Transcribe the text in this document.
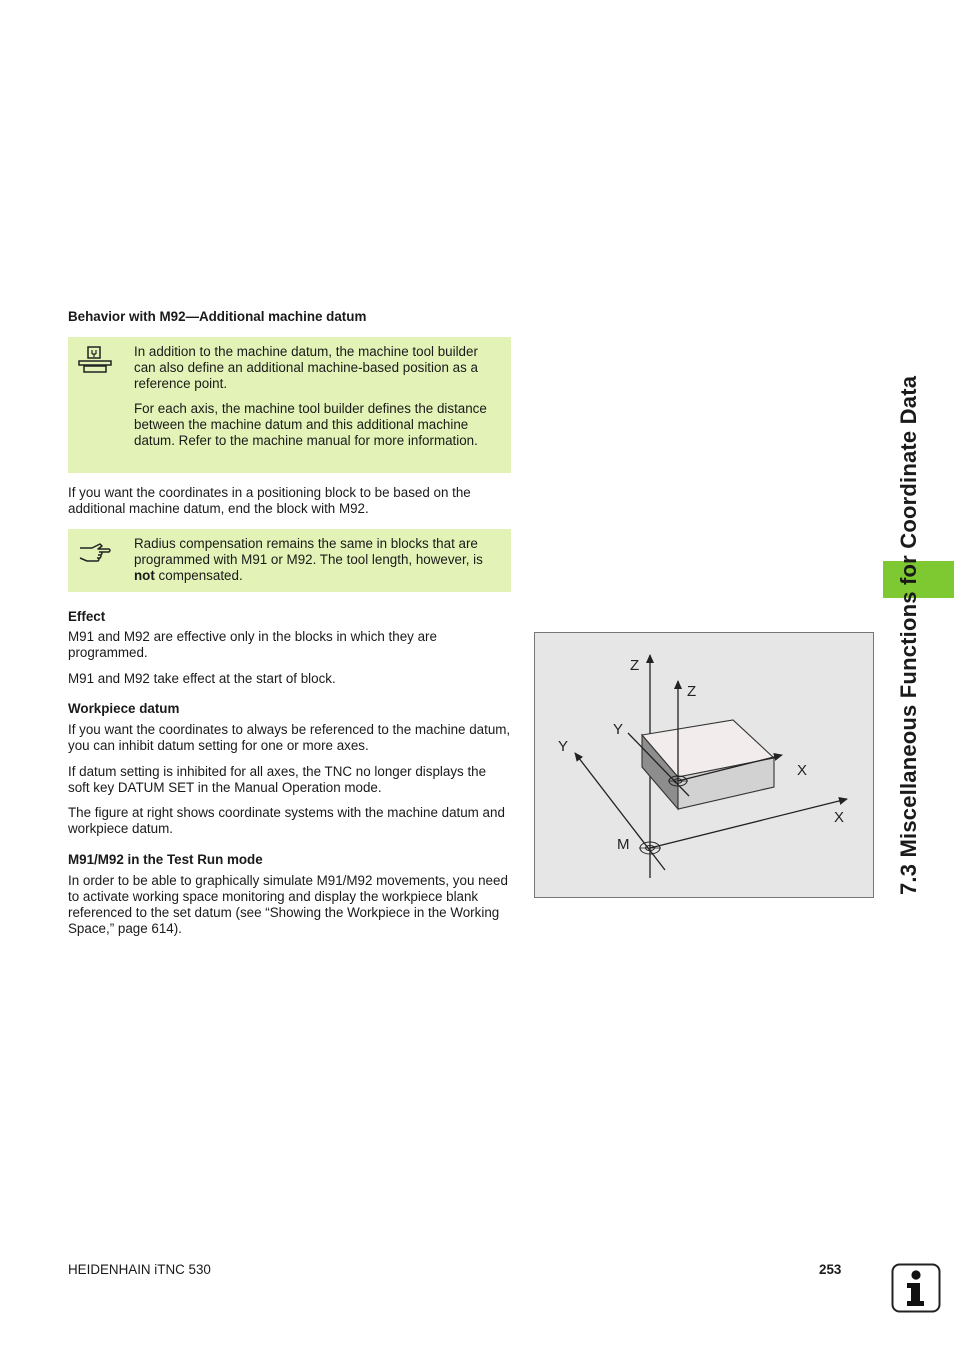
7.3 Miscellaneous Functions for Coordinate Data
Behavior with M92—Additional machine datum

In addition to the machine datum, the machine tool builder can also define an additional machine-based position as a reference point.

For each axis, the machine tool builder defines the distance between the machine datum and this additional machine datum. Refer to the machine manual for more information.

If you want the coordinates in a positioning block to be based on the additional machine datum, end the block with M92.

Radius compensation remains the same in blocks that are programmed with M91 or M92. The tool length, however, is not compensated.

Effect

M91 and M92 are effective only in the blocks in which they are programmed.

M91 and M92 take effect at the start of block.

Workpiece datum

If you want the coordinates to always be referenced to the machine datum, you can inhibit datum setting for one or more axes.

If datum setting is inhibited for all axes, the TNC no longer displays the soft key DATUM SET in the Manual Operation mode.

The figure at right shows coordinate systems with the machine datum and workpiece datum.

M91/M92 in the Test Run mode

In order to be able to graphically simulate M91/M92 movements, you need to activate working space monitoring and display the workpiece blank referenced to the set datum (see “Showing the Workpiece in the Working Space,” page 614).

Z
Z
Y
Y
X
X
M
HEIDENHAIN iTNC 530	253
